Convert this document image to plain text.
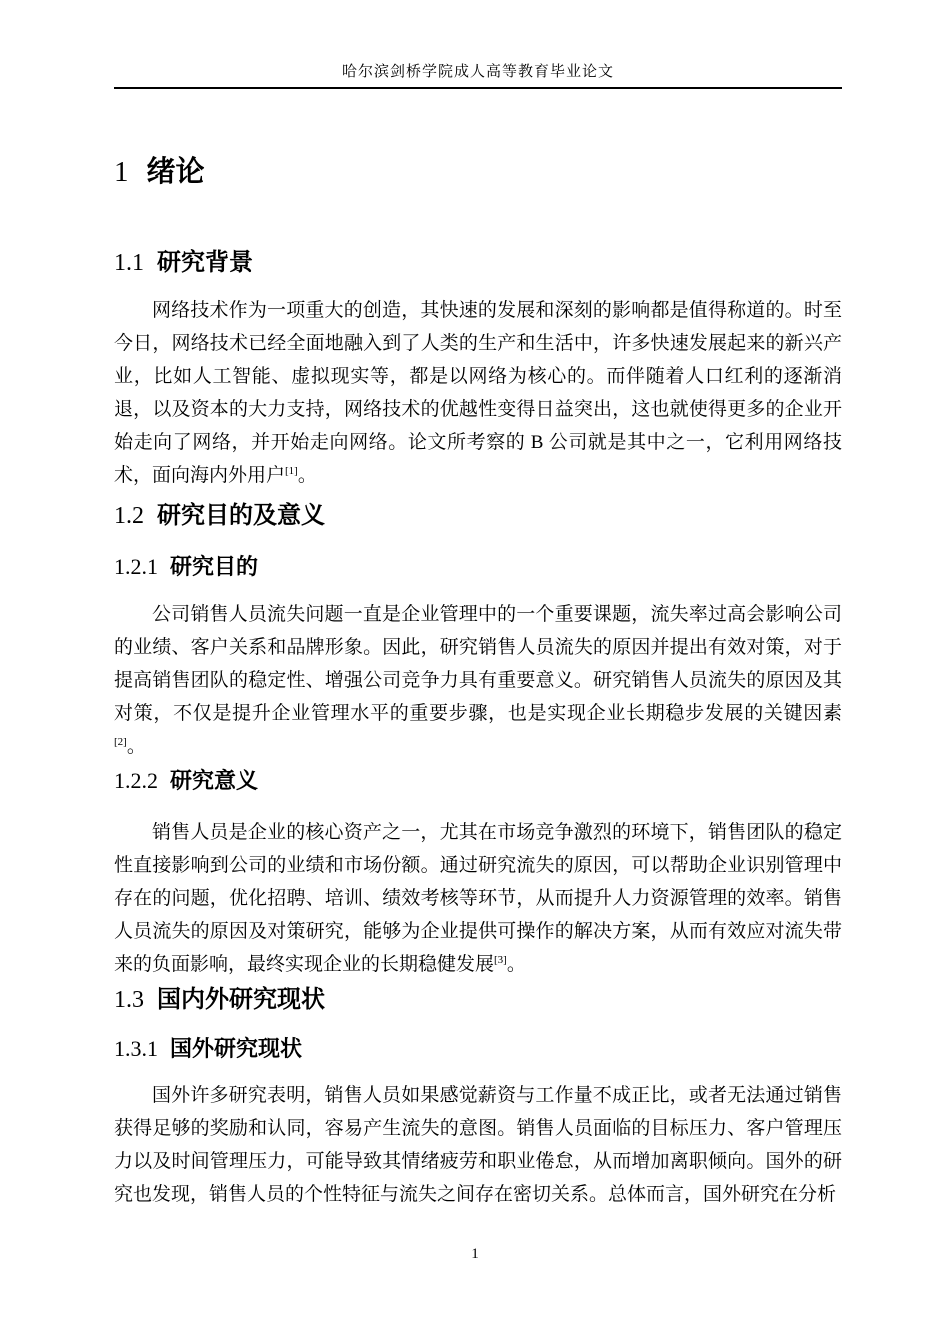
哈尔滨剑桥学院成人高等教育毕业论文
1 绪论
1.1 研究背景

网络技术作为一项重大的创造，其快速的发展和深刻的影响都是值得称道的。时至今日，网络技术已经全面地融入到了人类的生产和生活中，许多快速发展起来的新兴产业，比如人工智能、虚拟现实等，都是以网络为核心的。而伴随着人口红利的逐渐消退，以及资本的大力支持，网络技术的优越性变得日益突出，这也就使得更多的企业开始走向了网络，并开始走向网络。论文所考察的 B 公司就是其中之一，它利用网络技术，面向海内外用户[1]。

1.2 研究目的及意义
1.2.1 研究目的

公司销售人员流失问题一直是企业管理中的一个重要课题，流失率过高会影响公司的业绩、客户关系和品牌形象。因此，研究销售人员流失的原因并提出有效对策，对于提高销售团队的稳定性、增强公司竞争力具有重要意义。研究销售人员流失的原因及其对策，不仅是提升企业管理水平的重要步骤，也是实现企业长期稳步发展的关键因素[2]。

1.2.2 研究意义

销售人员是企业的核心资产之一，尤其在市场竞争激烈的环境下，销售团队的稳定性直接影响到公司的业绩和市场份额。通过研究流失的原因，可以帮助企业识别管理中存在的问题，优化招聘、培训、绩效考核等环节，从而提升人力资源管理的效率。销售人员流失的原因及对策研究，能够为企业提供可操作的解决方案，从而有效应对流失带来的负面影响，最终实现企业的长期稳健发展[3]。

1.3 国内外研究现状
1.3.1 国外研究现状

国外许多研究表明，销售人员如果感觉薪资与工作量不成正比，或者无法通过销售获得足够的奖励和认同，容易产生流失的意图。销售人员面临的目标压力、客户管理压力以及时间管理压力，可能导致其情绪疲劳和职业倦怠，从而增加离职倾向。国外的研究也发现，销售人员的个性特征与流失之间存在密切关系。总体而言，国外研究在分析

1
